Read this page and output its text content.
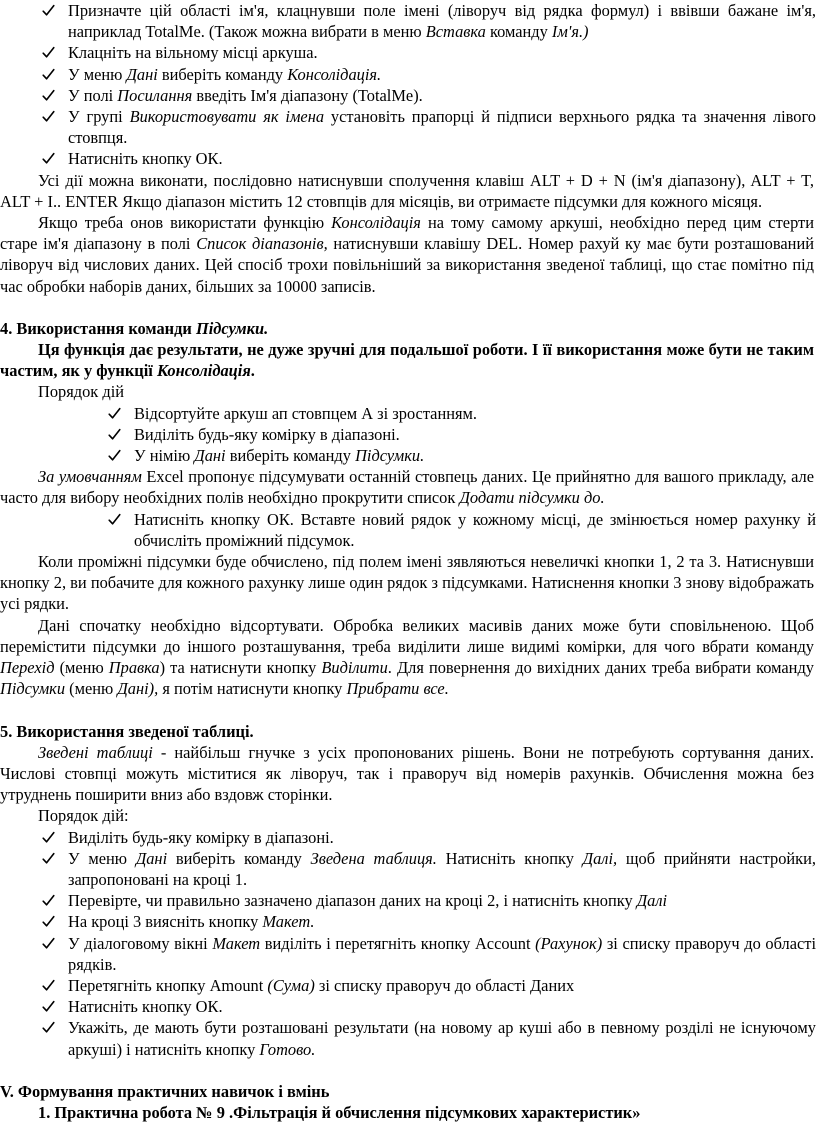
Призначте цій області ім'я, клацнувши поле імені (ліворуч від рядка формул) і ввівши бажане ім'я, наприклад TotalMe. (Також можна вибрати в меню Вставка команду Ім'я.)
Клацніть на вільному місці аркуша.
У меню Дані виберіть команду Консолідація.
У полі Посилання введіть Ім'я діапазону (TotalMe).
У групі Використовувати як імена установіть прапорці й підписи верхнього рядка та значення лівого стовпця.
Натисніть кнопку ОК.

Усі дії можна виконати, послідовно натиснувши сполучення клавіш ALT + D + N (ім'я діапазону), ALT + T, ALT + I.. ENTER Якщо діапазон містить 12 стовпців для місяців, ви отримаєте підсумки для кожного місяця.

Якщо треба онов використати функцію Консолідація на тому самому аркуші, необхідно перед цим стерти старе ім'я діапазону в полі Список діапазонів, натиснувши клавішу DEL. Номер рахуй ку має бути розташований ліворуч від числових даних. Цей спосіб трохи повільніший за використання зведеної таблиці, що стає помітно під час обробки наборів даних, більших за 10000 записів.

4. Використання команди Підсумки.

Ця функція дає результати, не дуже зручні для подальшої роботи. І її використання може бути не таким частим, як у функції Консолідація.

Порядок дій

Відсортуйте аркуш ап стовпцем А зі зростанням.
Виділіть будь-яку комірку в діапазоні.
У німію Дані виберіть команду Підсумки.

За умовчанням Excel пропонує підсумувати останній стовпець даних. Це прийнятно для вашого прикладу, але часто для вибору необхідних полів необхідно прокрутити список Додати підсумки до.

Натисніть кнопку ОК. Вставте новий рядок у кожному місці, де змінюється номер рахунку й обчисліть проміжний підсумок.

Коли проміжні підсумки буде обчислено, під полем імені зявляються невеличкі кнопки 1, 2 та 3. Натиснувши кнопку 2, ви побачите для кожного рахунку лише один рядок з підсумками. Натиснення кнопки 3 знову відображать усі рядки.

Дані спочатку необхідно відсортувати. Обробка великих масивів даних може бути сповільненою. Щоб перемістити підсумки до іншого розташування, треба виділити лише видимі комірки, для чого вбрати команду Перехід (меню Правка) та натиснути кнопку Виділити. Для повернення до вихідних даних треба вибрати команду Підсумки (меню Дані), я потім натиснути кнопку Прибрати все.

5. Використання зведеної таблиці.

Зведені таблиці - найбільш гнучке з усіх пропонованих рішень. Вони не потребують сортування даних. Числові стовпці можуть міститися як ліворуч, так і праворуч від номерів рахунків. Обчислення можна без утруднень поширити вниз або вздовж сторінки.

Порядок дій:

Виділіть будь-яку комірку в діапазоні.
У меню Дані виберіть команду Зведена таблиця. Натисніть кнопку Далі, щоб прийняти настройки, запропоновані на кроці 1.
Перевірте, чи правильно зазначено діапазон даних на кроці 2, і натисніть кнопку Далі
На кроці 3 вияcніть кнопку Макет.
У діалоговому вікні Макет виділіть і перетягніть кнопку Account (Рахунок) зі списку праворуч до області рядків.
Перетягніть кнопку Amount (Сума) зі списку праворуч до області Даних
Натисніть кнопку ОК.
Укажіть, де мають бути розташовані результати (на новому ар куші або в певному розділі не існуючому аркуші) і натисніть кнопку Готово.

V. Формування практичних навичок і вмінь

1. Практична робота № 9 .Фільтрація й обчислення підсумкових характеристик»
